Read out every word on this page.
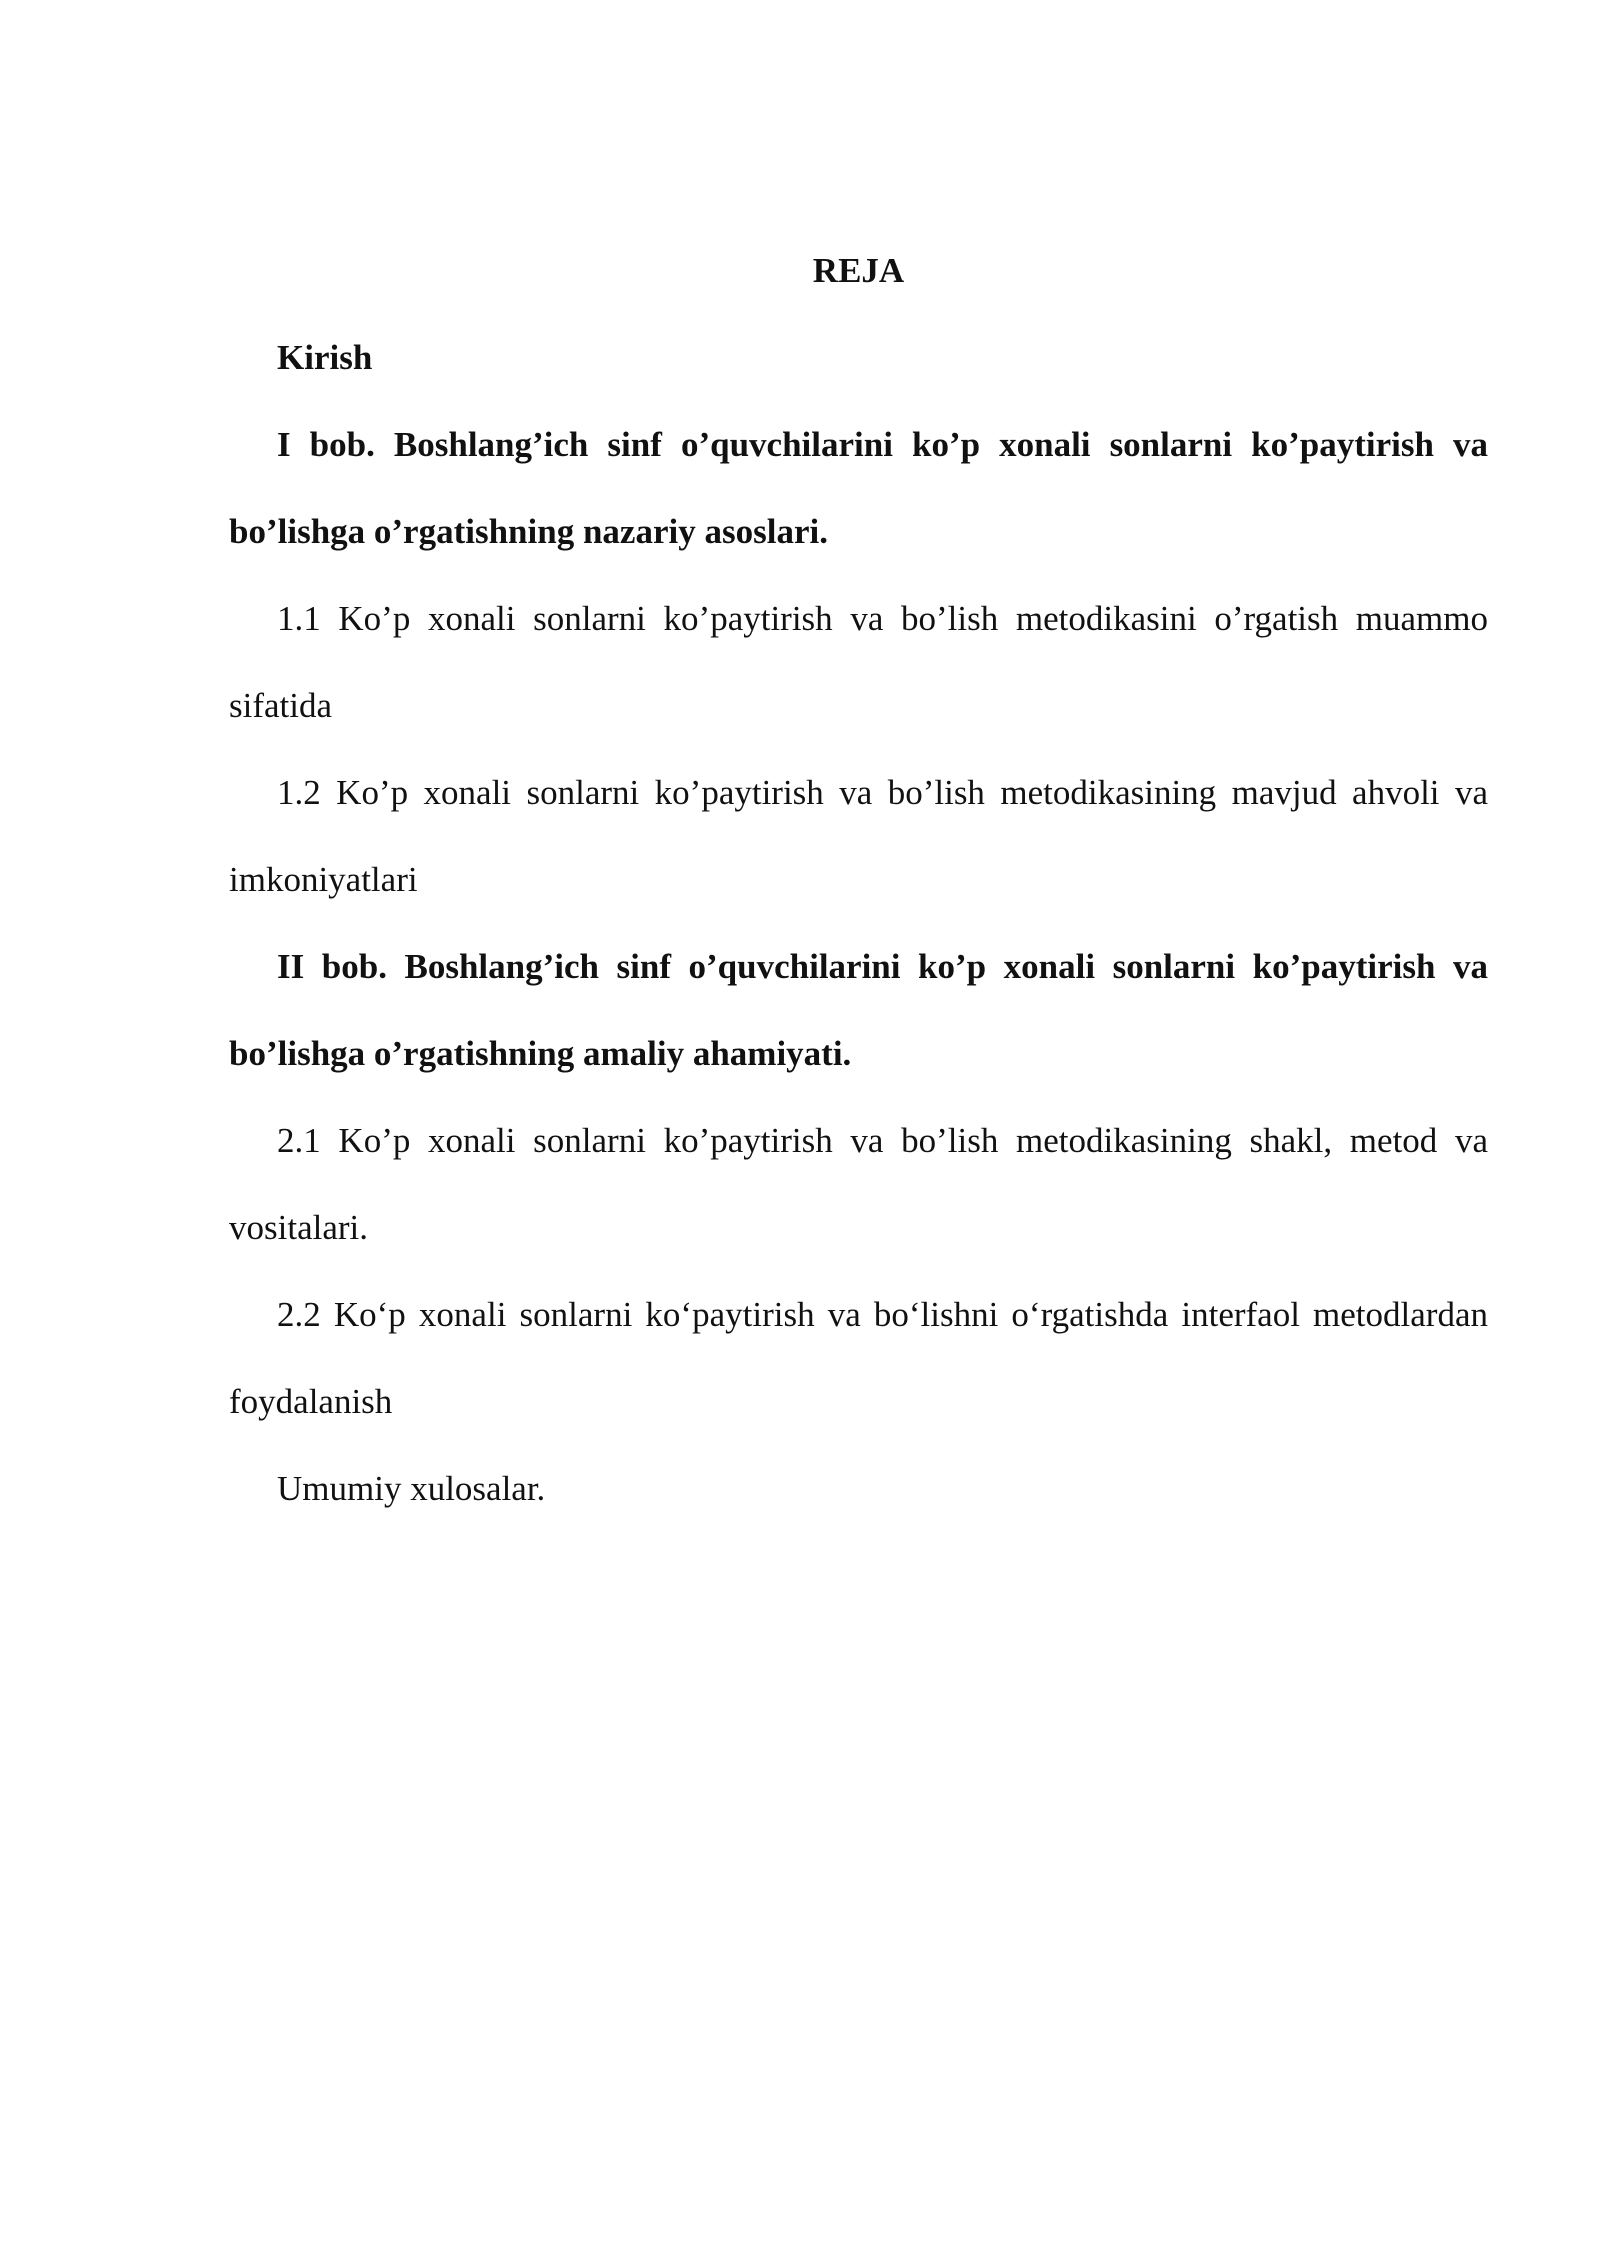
REJA

Kirish

I bob. Boshlang’ich sinf o’quvchilarini ko’p xonali sonlarni ko’paytirish va bo’lishga o’rgatishning nazariy asoslari.

1.1 Ko’p xonali sonlarni ko’paytirish va bo’lish metodikasini o’rgatish muammo sifatida

1.2 Ko’p xonali sonlarni ko’paytirish va bo’lish metodikasining mavjud ahvoli va imkoniyatlari

II bob. Boshlang’ich sinf o’quvchilarini ko’p xonali sonlarni ko’paytirish va bo’lishga o’rgatishning amaliy ahamiyati.

2.1 Ko’p xonali sonlarni ko’paytirish va bo’lish metodikasining shakl, metod va vositalari.

2.2 Ko‘p xonali sonlarni ko‘paytirish va bo‘lishni o‘rgatishda interfaol metodlardan foydalanish

Umumiy xulosalar.
